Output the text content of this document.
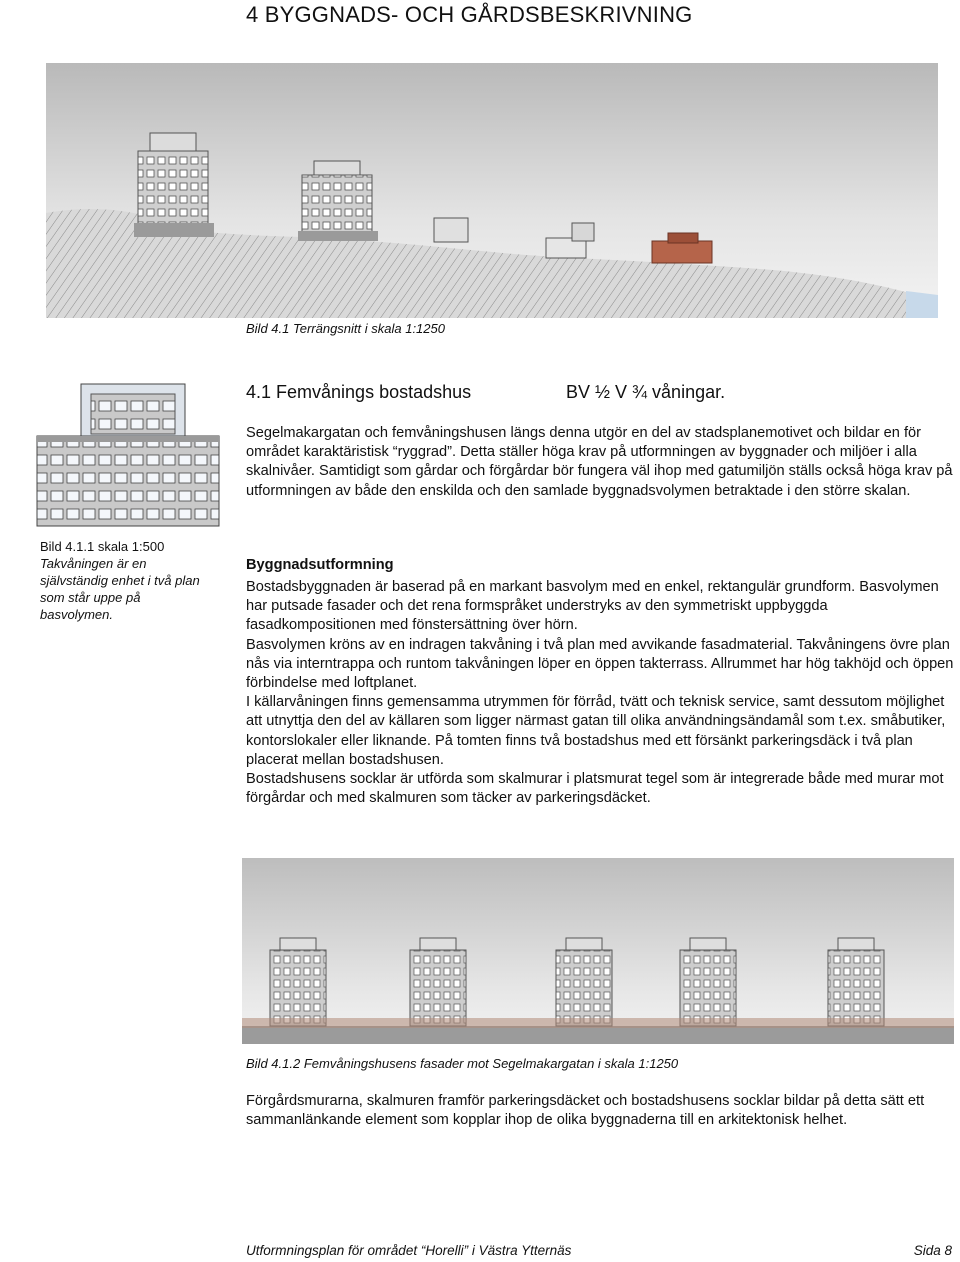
4 BYGGNADS- OCH GÅRDSBESKRIVNING
Bild 4.1 Terrängsnitt i skala 1:1250
4.1 Femvånings bostadshus	BV ½ V ¾ våningar.
Segelmakargatan och femvåningshusen längs denna utgör en del av stadsplanemotivet och bildar en för området karaktäristisk “ryggrad”. Detta ställer höga krav på utformningen av byggnader och miljöer i alla skalnivåer. Samtidigt som gårdar och förgårdar bör fungera väl ihop med gatumiljön ställs också höga krav på utformningen av både den enskilda och den samlade byggnadsvolymen betraktade i den större skalan.
Bild 4.1.1 skala 1:500
Takvåningen är en självständig enhet i två plan som står uppe på basvolymen.
Byggnadsutformning
Bostadsbyggnaden är baserad på en markant basvolym med en enkel, rektangulär grundform. Basvolymen har putsade fasader och det rena formspråket understryks av den symmetriskt uppbyggda fasadkompositionen med fönstersättning över hörn.
Basvolymen kröns av en indragen takvåning i två plan med avvikande fasadmaterial. Takvåningens övre plan nås via interntrappa och runtom takvåningen löper en öppen takterrass. Allrummet har hög takhöjd och öppen förbindelse med loftplanet.
I källarvåningen finns gemensamma utrymmen för förråd, tvätt och teknisk service, samt dessutom möjlighet att utnyttja den del av källaren som ligger närmast gatan till olika användningsändamål som t.ex. småbutiker, kontorslokaler eller liknande. På tomten finns två bostadshus med ett försänkt parkeringsdäck i två plan placerat mellan bostadshusen.
Bostadshusens socklar är utförda som skalmurar i platsmurat tegel som är integrerade både med murar mot förgårdar och med skalmuren som täcker av parkeringsdäcket.
Bild 4.1.2 Femvåningshusens fasader mot Segelmakargatan i skala 1:1250
Förgårdsmurarna, skalmuren framför parkeringsdäcket och bostadshusens socklar bildar på detta sätt ett sammanlänkande element som kopplar ihop de olika byggnaderna till en arkitektonisk helhet.
Utformningsplan för området “Horelli” i Västra Ytternäs	Sida 8
